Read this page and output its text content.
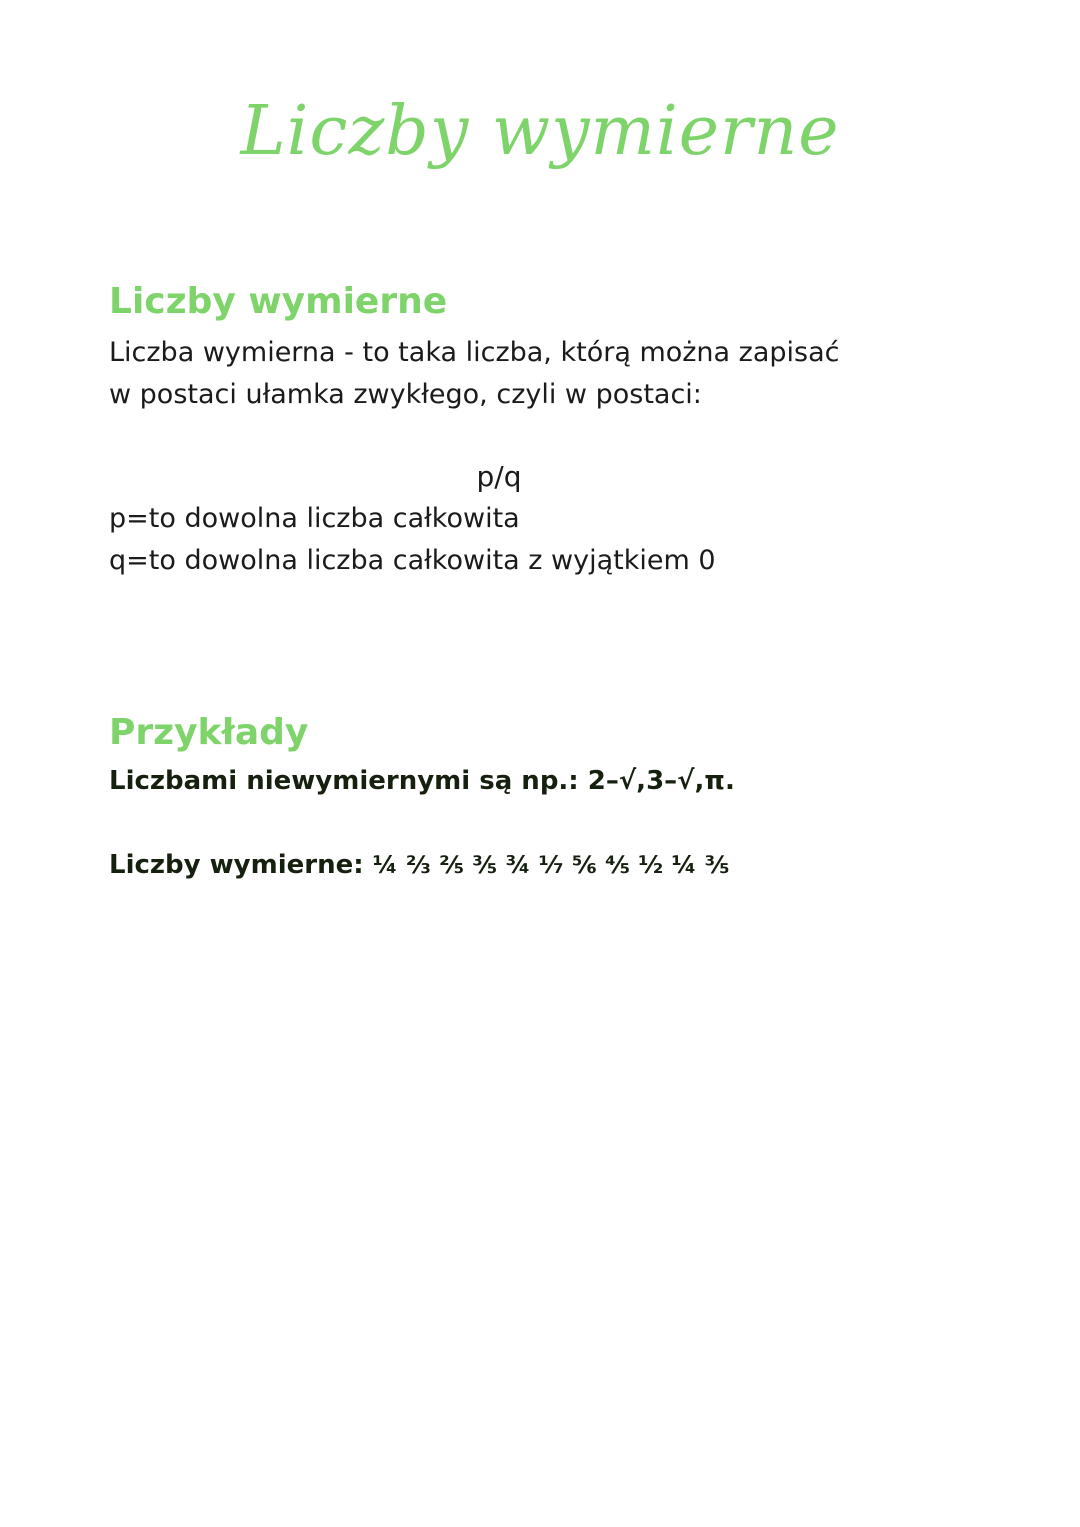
Liczby wymierne
Liczby wymierne

Liczba wymierna - to taka liczba, którą można zapisać

w postaci ułamka zwykłego, czyli w postaci:

p/q

p=to dowolna liczba całkowita

q=to dowolna liczba całkowita z wyjątkiem 0

Przykłady

Liczbami niewymiernymi są np.: 2–√,3–√,π.

Liczby wymierne: ¼ ⅔ ⅖ ⅗ ¾ ⅐ ⅚ ⅘ ½ ¼ ⅗
